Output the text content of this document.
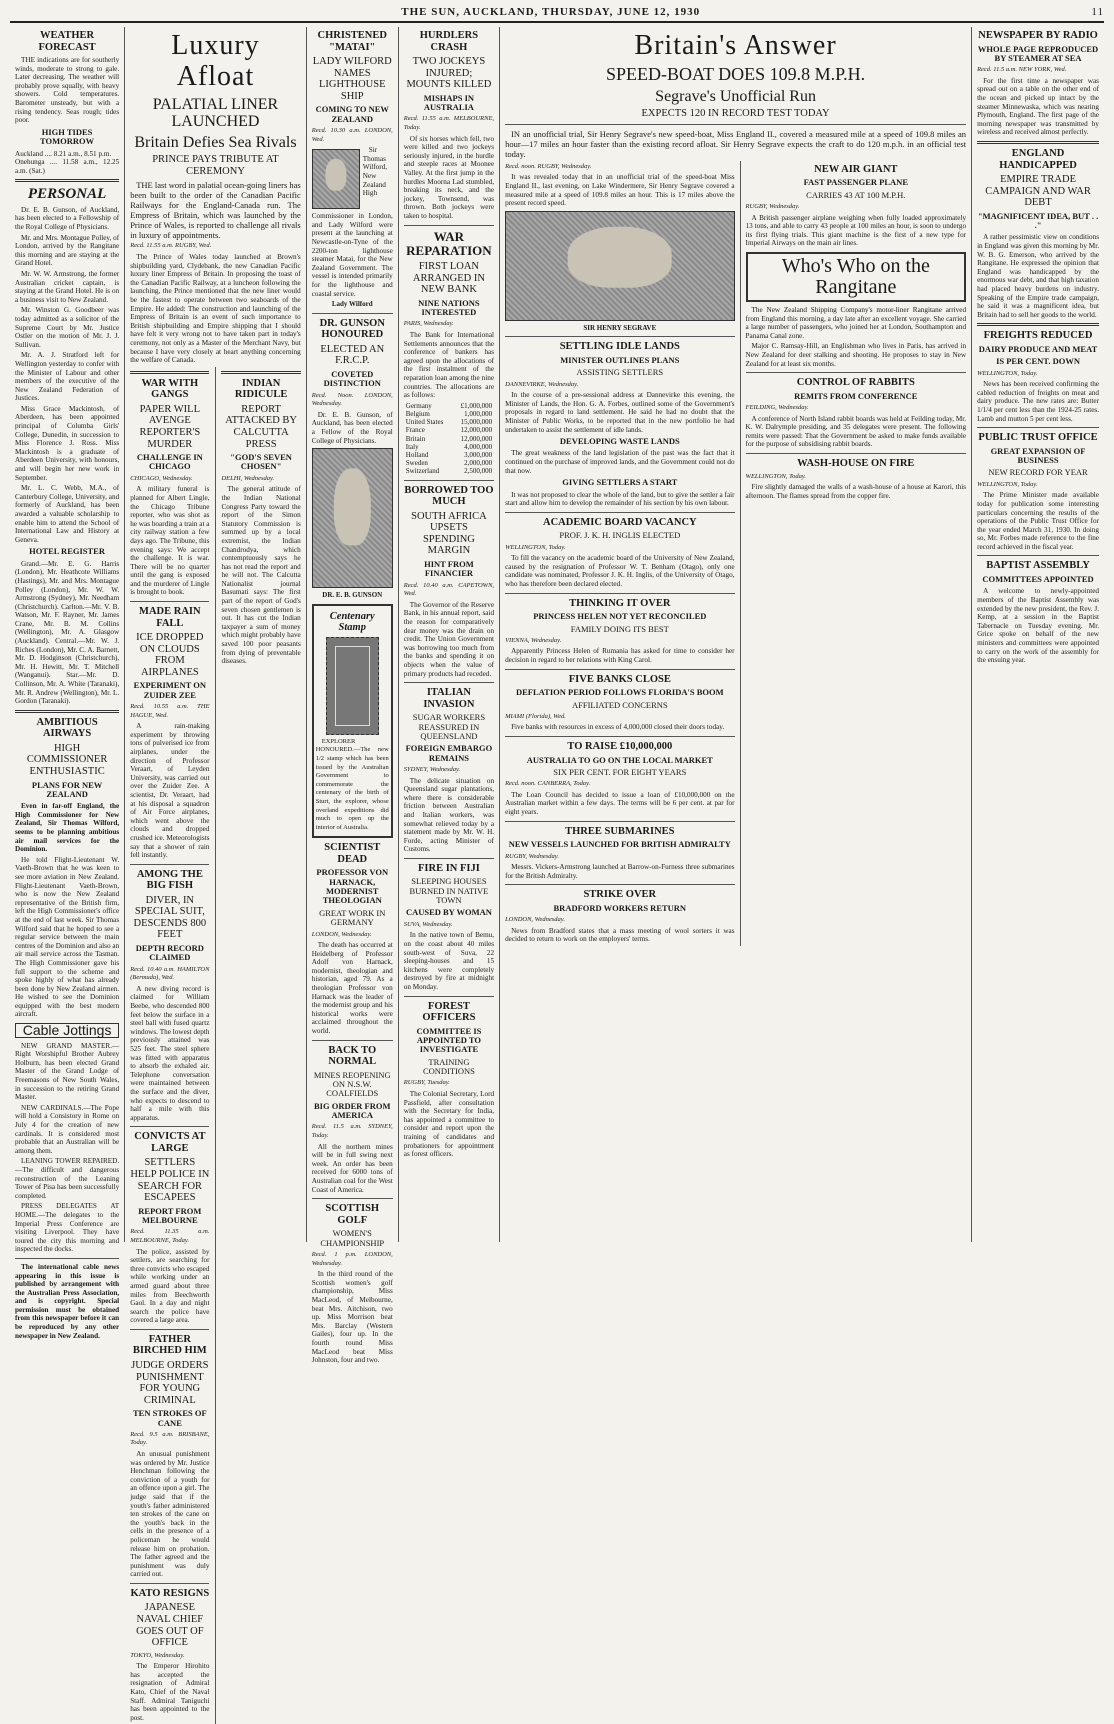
THE SUN, AUCKLAND, THURSDAY, JUNE 12, 1930	11
WEATHER FORECAST

THE indications are for southerly winds, moderate to strong to gale. Later decreasing. The weather will probably prove squally, with heavy showers. Cold temperatures. Barometer unsteady, but with a rising tendency. Seas rough; tides poor.

HIGH TIDES TOMORROW
Auckland .... 8.21 a.m., 8.51 p.m.
Onehunga .... 11.58 a.m., 12.25 a.m. (Sat.)
PERSONAL

Dr. E. B. Gunson, of Auckland, has been elected to a Fellowship of the Royal College of Physicians.

Mr. and Mrs. Montague Polley, of London, arrived by the Rangitane this morning and are staying at the Grand Hotel.

Mr. W. W. Armstrong, the former Australian cricket captain, is staying at the Grand Hotel. He is on a business visit to New Zealand.

Mr. Winston G. Goodbeer was today admitted as a solicitor of the Supreme Court by Mr. Justice Ostler on the motion of Mr. J. J. Sullivan.

Mr. A. J. Stratford left for Wellington yesterday to confer with the Minister of Labour and other members of the executive of the New Zealand Federation of Justices.

Miss Grace Mackintosh, of Aberdeen, has been appointed principal of Columba Girls' College, Dunedin, in succession to Miss Florence J. Ross. Miss Mackintosh is a graduate of Aberdeen University, with honours, and will begin her new work in September.

Mr. L. C. Webb, M.A., of Canterbury College, University, and formerly of Auckland, has been awarded a valuable scholarship to enable him to attend the School of International Law and History at Geneva.

HOTEL REGISTER

Grand.—Mr. E. G. Harris (London), Mr. Heathcote Williams (Hastings), Mr. and Mrs. Montague Polley (London), Mr. W. W. Armstrong (Sydney), Mr. Needham (Christchurch). Carlton.—Mr. V. B. Watson, Mr. F. Rayner, Mr. James Crane, Mr. B. M. Collins (Wellington), Mr. A. Glasgow (Auckland). Central.—Mr. W. J. Riches (London), Mr. C. A. Barnett, Mr. D. Hodginson (Christchurch), Mr. H. Hewitt, Mr. T. Mitchell (Wanganui). Star.—Mr. D. Collinson, Mr. A. White (Taranaki), Mr. R. Andrew (Wellington), Mr. L. Gordon (Taranaki).

AMBITIOUS AIRWAYS
HIGH COMMISSIONER ENTHUSIASTIC
PLANS FOR NEW ZEALAND

Even in far-off England, the High Commissioner for New Zealand, Sir Thomas Wilford, seems to be planning ambitious air mail services for the Dominion.

He told Flight-Lieutenant W. Vaeth-Brown that he was keen to see more aviation in New Zealand. Flight-Lieutenant Vaeth-Brown, who is now the New Zealand representative of the British firm, left the High Commissioner's office at the end of last week. Sir Thomas Wilford said that he hoped to see a regular service between the main centres of the Dominion and also an air mail service across the Tasman. The High Commissioner gave his full support to the scheme and spoke highly of what has already been done by New Zealand airmen. He wished to see the Dominion equipped with the best modern aircraft.

Cable Jottings

NEW GRAND MASTER.—Right Worshipful Brother Aubrey Holburn, has been elected Grand Master of the Grand Lodge of Freemasons of New South Wales, in succession to the retiring Grand Master.

NEW CARDINALS.—The Pope will hold a Consistory in Rome on July 4 for the creation of new cardinals. It is considered most probable that an Australian will be among them.

LEANING TOWER REPAIRED.—The difficult and dangerous reconstruction of the Leaning Tower of Pisa has been successfully completed.

PRESS DELEGATES AT HOME.—The delegates to the Imperial Press Conference are visiting Liverpool. They have toured the city this morning and inspected the docks.

The international cable news appearing in this issue is published by arrangement with the Australian Press Association, and is copyright. Special permission must be obtained from this newspaper before it can be reproduced by any other newspaper in New Zealand.

Luxury Afloat
PALATIAL LINER LAUNCHED
Britain Defies Sea Rivals
PRINCE PAYS TRIBUTE AT CEREMONY

THE last word in palatial ocean-going liners has been built to the order of the Canadian Pacific Railways for the England-Canada run. The Empress of Britain, which was launched by the Prince of Wales, is reported to challenge all rivals in luxury of appointments.

Recd. 11.55 a.m. RUGBY, Wed.

The Prince of Wales today launched at Brown's shipbuilding yard, Clydebank, the new Canadian Pacific luxury liner Empress of Britain. In proposing the toast of the Canadian Pacific Railway, at a luncheon following the launching, the Prince mentioned that the new liner would be the fastest to operate between two seaboards of the Empire. He added: The construction and launching of the Empress of Britain is an event of such importance to British shipbuilding and Empire shipping that I should have felt it very wrong not to have taken part in today's ceremony, not only as a Master of the Merchant Navy, but because I have very closely at heart anything concerning the welfare of Canada.

WAR WITH GANGS
PAPER WILL AVENGE REPORTER'S MURDER
CHALLENGE IN CHICAGO
CHICAGO, Wednesday.

A military funeral is planned for Albert Lingle, the Chicago Tribune reporter, who was shot as he was boarding a train at a city railway station a few days ago. The Tribune, this evening says: We accept the challenge. It is war. There will be no quarter until the gang is exposed and the murderer of Lingle is brought to book.

MADE RAIN FALL
ICE DROPPED ON CLOUDS FROM AIRPLANES
EXPERIMENT ON ZUIDER ZEE
Recd. 10.55 a.m. THE HAGUE, Wed.

A rain-making experiment by throwing tons of pulverised ice from airplanes, under the direction of Professor Veraart, of Leyden University, was carried out over the Zuider Zee. A scientist, Dr. Veraart, had at his disposal a squadron of Air Force airplanes, which went above the clouds and dropped crushed ice. Meteorologists say that a shower of rain fell instantly.

AMONG THE BIG FISH
DIVER, IN SPECIAL SUIT, DESCENDS 800 FEET
DEPTH RECORD CLAIMED
Recd. 10.40 a.m. HAMILTON (Bermuda), Wed.

A new diving record is claimed for William Beebe, who descended 800 feet below the surface in a steel ball with fused quartz windows. The lowest depth previously attained was 525 feet. The steel sphere was fitted with apparatus to absorb the exhaled air. Telephone conversation were maintained between the surface and the diver, who expects to descend to half a mile with this apparatus.

CONVICTS AT LARGE
SETTLERS HELP POLICE IN SEARCH FOR ESCAPEES
REPORT FROM MELBOURNE
Recd. 11.35 a.m. MELBOURNE, Today.

The police, assisted by settlers, are searching for three convicts who escaped while working under an armed guard about three miles from Beechworth Gaol. In a day and night search the police have covered a large area.

FATHER BIRCHED HIM
JUDGE ORDERS PUNISHMENT FOR YOUNG CRIMINAL
TEN STROKES OF CANE
Recd. 9.5 a.m. BRISBANE, Today.

An unusual punishment was ordered by Mr. Justice Henchman following the conviction of a youth for an offence upon a girl. The judge said that if the youth's father administered ten strokes of the cane on the youth's back in the cells in the presence of a policeman he would release him on probation. The father agreed and the punishment was duly carried out.

KATO RESIGNS
JAPANESE NAVAL CHIEF GOES OUT OF OFFICE
TOKYO, Wednesday.

The Emperor Hirohito has accepted the resignation of Admiral Kato, Chief of the Naval Staff. Admiral Taniguchi has been appointed to the post.

INDIAN RIDICULE
REPORT ATTACKED BY CALCUTTA PRESS
"GOD'S SEVEN CHOSEN"
DELHI, Wednesday.

The general attitude of the Indian National Congress Party toward the report of the Simon Statutory Commission is summed up by a local extremist, the Indian Chandrodya, which contemptuously says he has not read the report and he will not. The Calcutta Nationalist journal Basumati says: The first part of the report of God's seven chosen gentlemen is out. It has cut the Indian taxpayer a sum of money which might probably have saved 100 poor peasants from dying of preventable diseases.

CHRISTENED "MATAI"
LADY WILFORD NAMES LIGHTHOUSE SHIP
COMING TO NEW ZEALAND
Recd. 10.30 a.m. LONDON, Wed.

Sir Thomas Wilford, New Zealand High Commissioner in London, and Lady Wilford were present at the launching at Newcastle-on-Tyne of the 2200-ton lighthouse steamer Matai, for the New Zealand Government. The vessel is intended primarily for the lighthouse and coastal service.

Lady Wilford
DR. GUNSON HONOURED
ELECTED AN F.R.C.P.
COVETED DISTINCTION
Recd. Noon. LONDON, Wednesday.

Dr. E. B. Gunson, of Auckland, has been elected a Fellow of the Royal College of Physicians.

DR. E. B. GUNSON
Centenary Stamp

EXPLORER HONOURED.—The new 1/2 stamp which has been issued by the Australian Government to commemorate the centenary of the birth of Sturt, the explorer, whose overland expeditions did much to open up the interior of Australia.

SCIENTIST DEAD
PROFESSOR VON HARNACK, MODERNIST THEOLOGIAN
GREAT WORK IN GERMANY
LONDON, Wednesday.

The death has occurred at Heidelberg of Professor Adolf von Harnack, modernist, theologian and historian, aged 79. As a theologian Professor von Harnack was the leader of the modernist group and his historical works were acclaimed throughout the world.

BACK TO NORMAL
MINES REOPENING ON N.S.W. COALFIELDS
BIG ORDER FROM AMERICA
Recd. 11.5 a.m. SYDNEY, Today.

All the northern mines will be in full swing next week. An order has been received for 6000 tons of Australian coal for the West Coast of America.

SCOTTISH GOLF
WOMEN'S CHAMPIONSHIP
Recd. 1 p.m. LONDON, Wednesday.

In the third round of the Scottish women's golf championship, Miss MacLeod, of Melbourne, beat Mrs. Aitchison, two up. Miss Morrison beat Mrs. Barclay (Western Gailes), four up. In the fourth round Miss MacLeod beat Miss Johnston, four and two.

HURDLERS CRASH
TWO JOCKEYS INJURED; MOUNTS KILLED
MISHAPS IN AUSTRALIA
Recd. 11.55 a.m. MELBOURNE, Today.

Of six horses which fell, two were killed and two jockeys seriously injured, in the hurdle and steeple races at Moonee Valley. At the first jump in the hurdles Moorna Lad stumbled, breaking its neck, and the jockey, Townsend, was thrown. Both jockeys were taken to hospital.

WAR REPARATION
FIRST LOAN ARRANGED IN NEW BANK
NINE NATIONS INTERESTED
PARIS, Wednesday.

The Bank for International Settlements announces that the conference of bankers has agreed upon the allocations of the first instalment of the reparation loan among the nine countries. The allocations are as follows:

Germany	£1,000,000
Belgium	1,000,000
United States	15,000,000
France	12,000,000
Britain	12,000,000
Italy	4,000,000
Holland	3,000,000
Sweden	2,000,000
Switzerland	2,500,000
BORROWED TOO MUCH
SOUTH AFRICA UPSETS SPENDING MARGIN
HINT FROM FINANCIER
Recd. 10.40 a.m. CAPETOWN, Wed.

The Governor of the Reserve Bank, in his annual report, said the reason for comparatively dear money was the drain on credit. The Union Government was borrowing too much from the banks and spending it on objects when the value of primary products had receded.

ITALIAN INVASION
SUGAR WORKERS REASSURED IN QUEENSLAND
FOREIGN EMBARGO REMAINS
SYDNEY, Wednesday.

The delicate situation on Queensland sugar plantations, where there is considerable friction between Australian and Italian workers, was somewhat relieved today by a statement made by Mr. W. H. Forde, acting Minister of Customs.

FIRE IN FIJI
SLEEPING HOUSES BURNED IN NATIVE TOWN
CAUSED BY WOMAN
SUVA, Wednesday.

In the native town of Bemu, on the coast about 40 miles south-west of Suva, 22 sleeping-houses and 15 kitchens were completely destroyed by fire at midnight on Monday.

FOREST OFFICERS
COMMITTEE IS APPOINTED TO INVESTIGATE
TRAINING CONDITIONS
RUGBY, Tuesday.

The Colonial Secretary, Lord Passfield, after consultation with the Secretary for India, has appointed a committee to consider and report upon the training of candidates and probationers for appointment as forest officers.

Britain's Answer
SPEED-BOAT DOES 109.8 M.P.H.
Segrave's Unofficial Run
EXPECTS 120 IN RECORD TEST TODAY

IN an unofficial trial, Sir Henry Segrave's new speed-boat, Miss England II., covered a measured mile at a speed of 109.8 miles an hour—17 miles an hour faster than the existing record afloat. Sir Henry Segrave expects the craft to do 120 m.p.h. in an official test today.

Recd. noon. RUGBY, Wednesday.

It was revealed today that in an unofficial trial of the speed-boat Miss England II., last evening, on Lake Windermere, Sir Henry Segrave covered a measured mile at a speed of 109.8 miles an hour. This is 17 miles above the present record speed.

SIR HENRY SEGRAVE
SETTLING IDLE LANDS
MINISTER OUTLINES PLANS
ASSISTING SETTLERS
DANNEVIRKE, Wednesday.

In the course of a pre-sessional address at Dannevirke this evening, the Minister of Lands, the Hon. G. A. Forbes, outlined some of the Government's proposals in regard to land settlement. He said he had no doubt that the Minister of Public Works, to be reported that in the new portfolio he had undertaken to assist the settlement of idle lands.

DEVELOPING WASTE LANDS

The great weakness of the land legislation of the past was the fact that it continued on the purchase of improved lands, and the Government could not do that now.

GIVING SETTLERS A START

It was not proposed to clear the whole of the land, but to give the settler a fair start and allow him to develop the remainder of his section by his own labour.

ACADEMIC BOARD VACANCY
PROF. J. K. H. INGLIS ELECTED
WELLINGTON, Today.

To fill the vacancy on the academic board of the University of New Zealand, caused by the resignation of Professor W. T. Benham (Otago), only one candidate was nominated, Professor J. K. H. Inglis, of the University of Otago, who has therefore been declared elected.

THINKING IT OVER
PRINCESS HELEN NOT YET RECONCILED
FAMILY DOING ITS BEST
VIENNA, Wednesday.

Apparently Princess Helen of Rumania has asked for time to consider her decision in regard to her relations with King Carol.

FIVE BANKS CLOSE
DEFLATION PERIOD FOLLOWS FLORIDA'S BOOM
AFFILIATED CONCERNS
MIAMI (Florida), Wed.

Five banks with resources in excess of 4,000,000 closed their doors today.

TO RAISE £10,000,000
AUSTRALIA TO GO ON THE LOCAL MARKET
SIX PER CENT. FOR EIGHT YEARS
Recd. noon. CANBERRA, Today.

The Loan Council has decided to issue a loan of £10,000,000 on the Australian market within a few days. The terms will be 6 per cent. at par for eight years.

THREE SUBMARINES
NEW VESSELS LAUNCHED FOR BRITISH ADMIRALTY
RUGBY, Wednesday.

Messrs. Vickers-Armstrong launched at Barrow-on-Furness three submarines for the British Admiralty.

STRIKE OVER
BRADFORD WORKERS RETURN
LONDON, Wednesday.

News from Bradford states that a mass meeting of wool sorters it was decided to return to work on the employers' terms.

NEW AIR GIANT
FAST PASSENGER PLANE
CARRIES 43 AT 100 M.P.H.
RUGBY, Wednesday.

A British passenger airplane weighing when fully loaded approximately 13 tons, and able to carry 43 people at 100 miles an hour, is soon to undergo its first flying trials. This giant machine is the first of a new type for Imperial Airways on the main air lines.

Who's Who on the Rangitane

The New Zealand Shipping Company's motor-liner Rangitane arrived from England this morning, a day late after an excellent voyage. She carried a large number of passengers, who joined her at London, Southampton and Panama Canal zone.

Major C. Ramsay-Hill, an Englishman who lives in Paris, has arrived in New Zealand for deer stalking and shooting. He proposes to stay in New Zealand for at least six months.

CONTROL OF RABBITS
REMITS FROM CONFERENCE
FEILDING, Wednesday.

A conference of North Island rabbit boards was held at Feilding today, Mr. K. W. Dalrymple presiding, and 35 delegates were present. The following remits were passed: That the Government be asked to make funds available for the purpose of subsidising rabbit boards.

WASH-HOUSE ON FIRE
WELLINGTON, Today.

Fire slightly damaged the walls of a wash-house of a house at Karori, this afternoon. The flames spread from the copper fire.

NEWSPAPER BY RADIO
WHOLE PAGE REPRODUCED BY STEAMER AT SEA
Recd. 11.5 a.m. NEW YORK, Wed.

For the first time a newspaper was spread out on a table on the other end of the ocean and picked up intact by the steamer Minnewaska, which was nearing Plymouth, England. The first page of the morning newspaper was transmitted by wireless and received almost perfectly.

ENGLAND HANDICAPPED
EMPIRE TRADE CAMPAIGN AND WAR DEBT
"MAGNIFICENT IDEA, BUT . . ."

A rather pessimistic view on conditions in England was given this morning by Mr. W. B. G. Emerson, who arrived by the Rangitane. He expressed the opinion that England was handicapped by the enormous war debt, and that high taxation had placed heavy burdens on industry. Speaking of the Empire trade campaign, he said it was a magnificent idea, but Britain had to sell her goods to the world.

FREIGHTS REDUCED
DAIRY PRODUCE AND MEAT
IS PER CENT. DOWN
WELLINGTON, Today.

News has been received confirming the cabled reduction of freights on meat and dairy produce. The new rates are: Butter 1/1/4 per cent less than the 1924-25 rates. Lamb and mutton 5 per cent less.

PUBLIC TRUST OFFICE
GREAT EXPANSION OF BUSINESS
NEW RECORD FOR YEAR
WELLINGTON, Today.

The Prime Minister made available today for publication some interesting particulars concerning the results of the operations of the Public Trust Office for the year ended March 31, 1930. In doing so, Mr. Forbes made reference to the fine record achieved in the fiscal year.

BAPTIST ASSEMBLY
COMMITTEES APPOINTED

A welcome to newly-appointed members of the Baptist Assembly was extended by the new president, the Rev. J. Kemp, at a session in the Baptist Tabernacle on Tuesday evening. Mr. Grice spoke on behalf of the new ministers and committees were appointed to carry on the work of the assembly for the ensuing year.
